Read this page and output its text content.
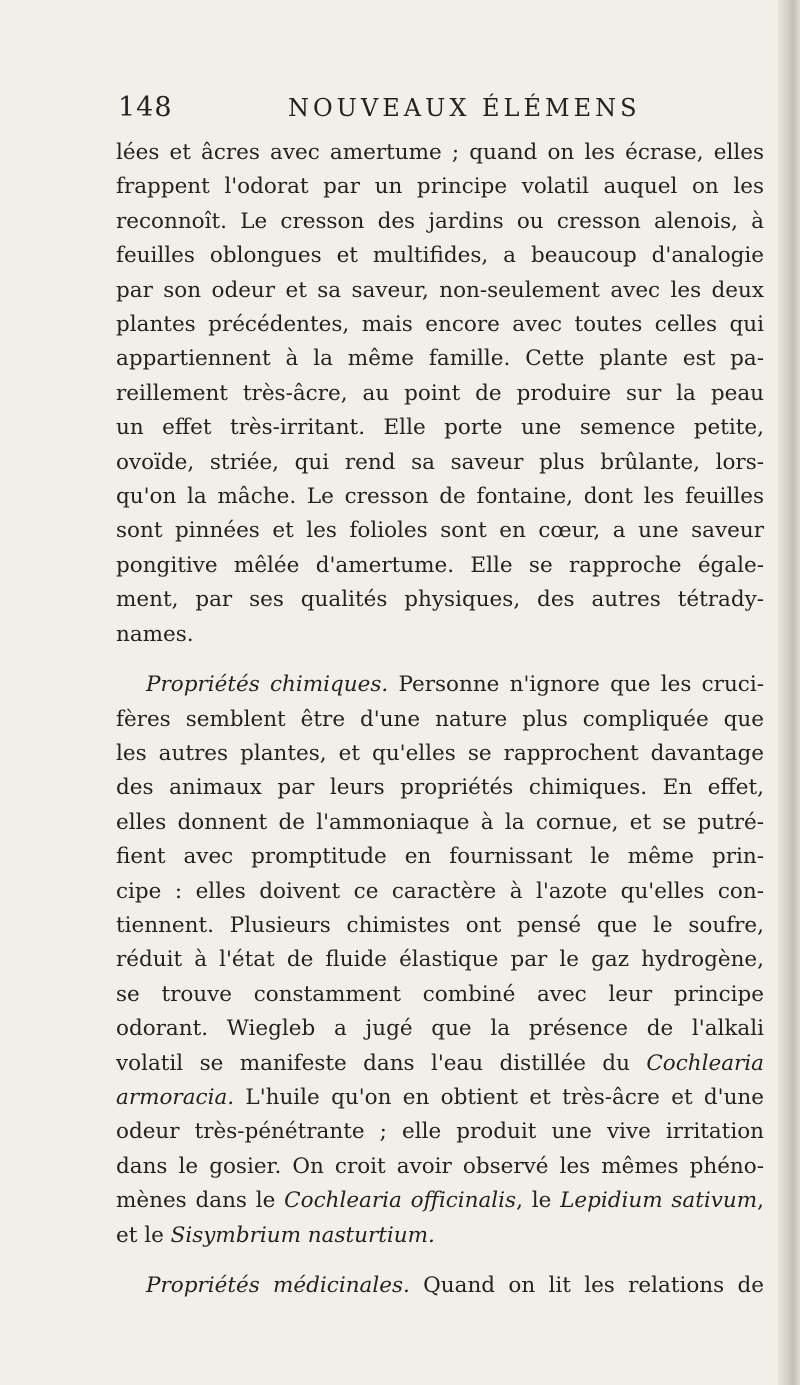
148	NOUVEAUX ÉLÉMENS
lées et âcres avec amertume ; quand on les écrase, elles
frappent l'odorat par un principe volatil auquel on les
reconnoît. Le cresson des jardins ou cresson alenois, à
feuilles oblongues et multifides, a beaucoup d'analogie
par son odeur et sa saveur, non-seulement avec les deux
plantes précédentes, mais encore avec toutes celles qui
appartiennent à la même famille. Cette plante est pa-
reillement très-âcre, au point de produire sur la peau
un effet très-irritant. Elle porte une semence petite,
ovoïde, striée, qui rend sa saveur plus brûlante, lors-
qu'on la mâche. Le cresson de fontaine, dont les feuilles
sont pinnées et les folioles sont en cœur, a une saveur
pongitive mêlée d'amertume. Elle se rapproche égale-
ment, par ses qualités physiques, des autres tétrady-
names.
Propriétés chimiques. Personne n'ignore que les cruci-
fères semblent être d'une nature plus compliquée que
les autres plantes, et qu'elles se rapprochent davantage
des animaux par leurs propriétés chimiques. En effet,
elles donnent de l'ammoniaque à la cornue, et se putré-
fient avec promptitude en fournissant le même prin-
cipe : elles doivent ce caractère à l'azote qu'elles con-
tiennent. Plusieurs chimistes ont pensé que le soufre,
réduit à l'état de fluide élastique par le gaz hydrogène,
se trouve constamment combiné avec leur principe
odorant. Wiegleb a jugé que la présence de l'alkali
volatil se manifeste dans l'eau distillée du Cochlearia
armoracia. L'huile qu'on en obtient et très-âcre et d'une
odeur très-pénétrante ; elle produit une vive irritation
dans le gosier. On croit avoir observé les mêmes phéno-
mènes dans le Cochlearia officinalis, le Lepidium sativum,
et le Sisymbrium nasturtium.
Propriétés médicinales. Quand on lit les relations de
